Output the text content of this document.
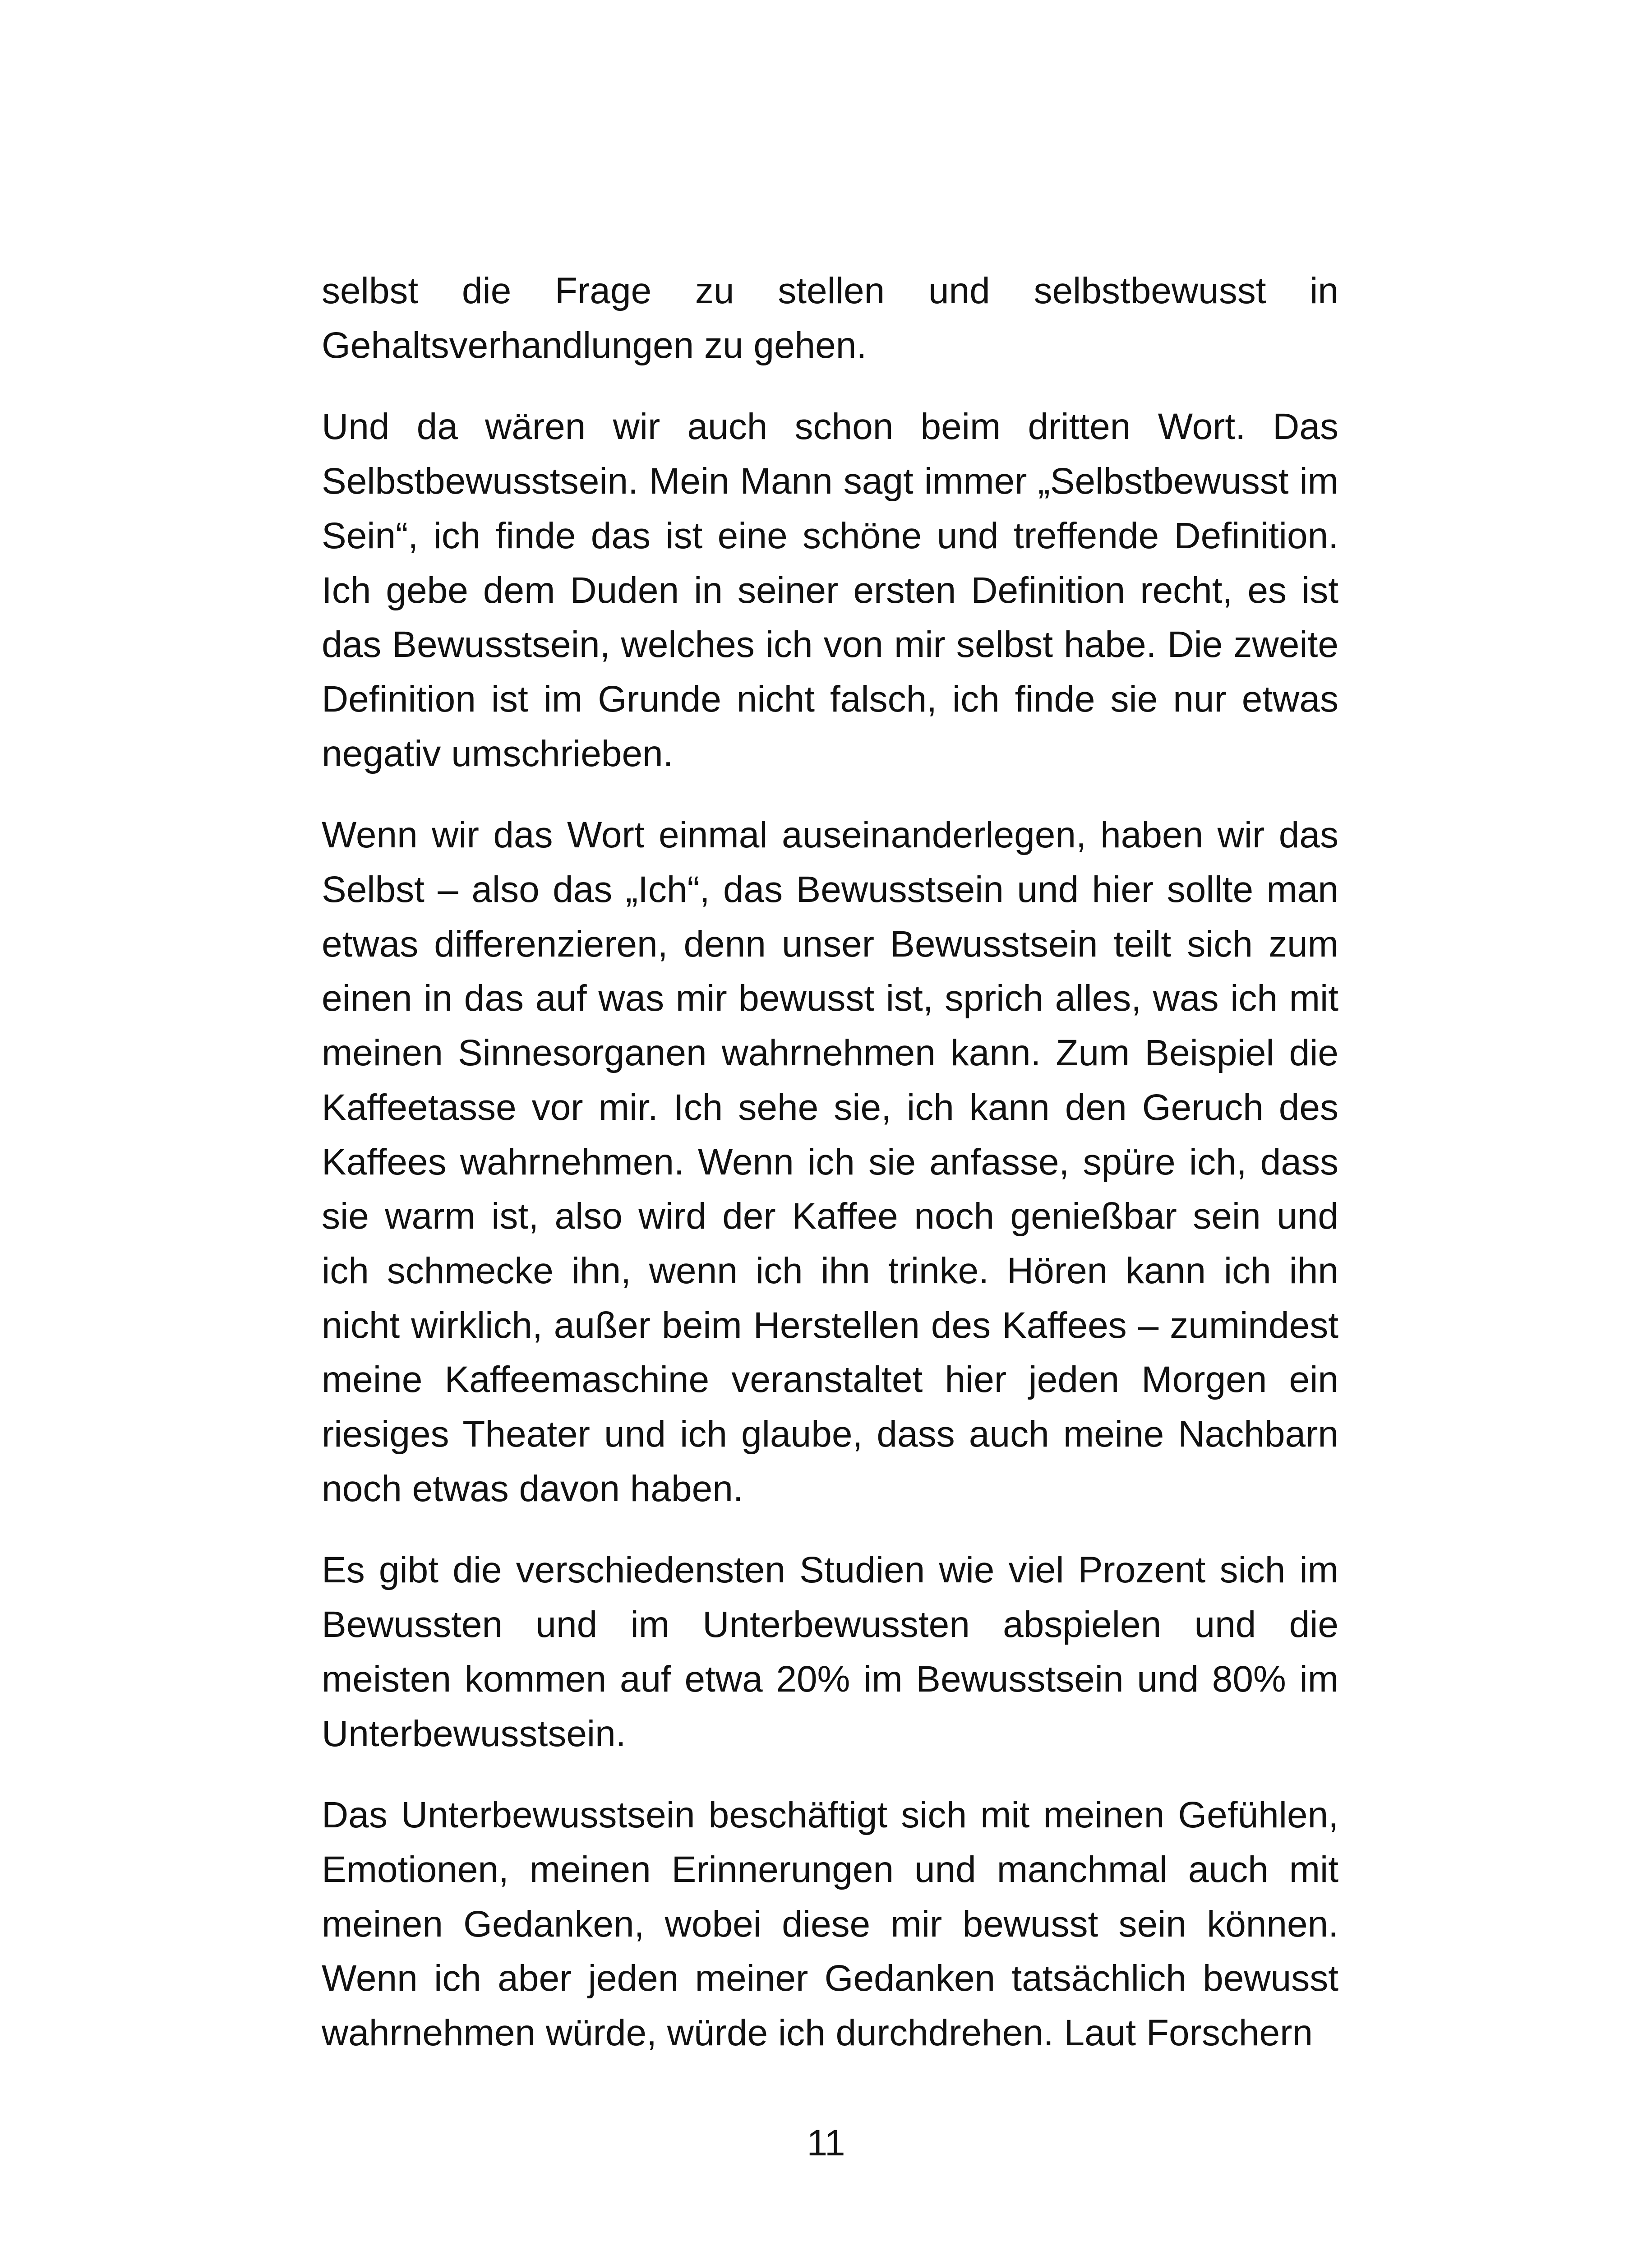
selbst die Frage zu stellen und selbstbewusst in Gehaltsverhandlungen zu gehen.

Und da wären wir auch schon beim dritten Wort. Das Selbstbewusstsein. Mein Mann sagt immer „Selbstbewusst im Sein“, ich finde das ist eine schöne und treffende Definition. Ich gebe dem Duden in seiner ersten Definition recht, es ist das Bewusstsein, welches ich von mir selbst habe. Die zweite Definition ist im Grunde nicht falsch, ich finde sie nur etwas negativ umschrieben.

Wenn wir das Wort einmal auseinanderlegen, haben wir das Selbst – also das „Ich“, das Bewusstsein und hier sollte man etwas differenzieren, denn unser Bewusstsein teilt sich zum einen in das auf was mir bewusst ist, sprich alles, was ich mit meinen Sinnesorganen wahrnehmen kann. Zum Beispiel die Kaffeetasse vor mir. Ich sehe sie, ich kann den Geruch des Kaffees wahrnehmen. Wenn ich sie anfasse, spüre ich, dass sie warm ist, also wird der Kaffee noch genießbar sein und ich schmecke ihn, wenn ich ihn trinke. Hören kann ich ihn nicht wirklich, außer beim Herstellen des Kaffees – zumindest meine Kaffeemaschine veranstaltet hier jeden Morgen ein riesiges Theater und ich glaube, dass auch meine Nachbarn noch etwas davon haben.

Es gibt die verschiedensten Studien wie viel Prozent sich im Bewussten und im Unterbewussten abspielen und die meisten kommen auf etwa 20% im Bewusstsein und 80% im Unterbewusstsein.

Das Unterbewusstsein beschäftigt sich mit meinen Gefühlen, Emotionen, meinen Erinnerungen und manchmal auch mit meinen Gedanken, wobei diese mir bewusst sein können. Wenn ich aber jeden meiner Gedanken tatsächlich bewusst wahrnehmen würde, würde ich durchdrehen. Laut Forschern

11
